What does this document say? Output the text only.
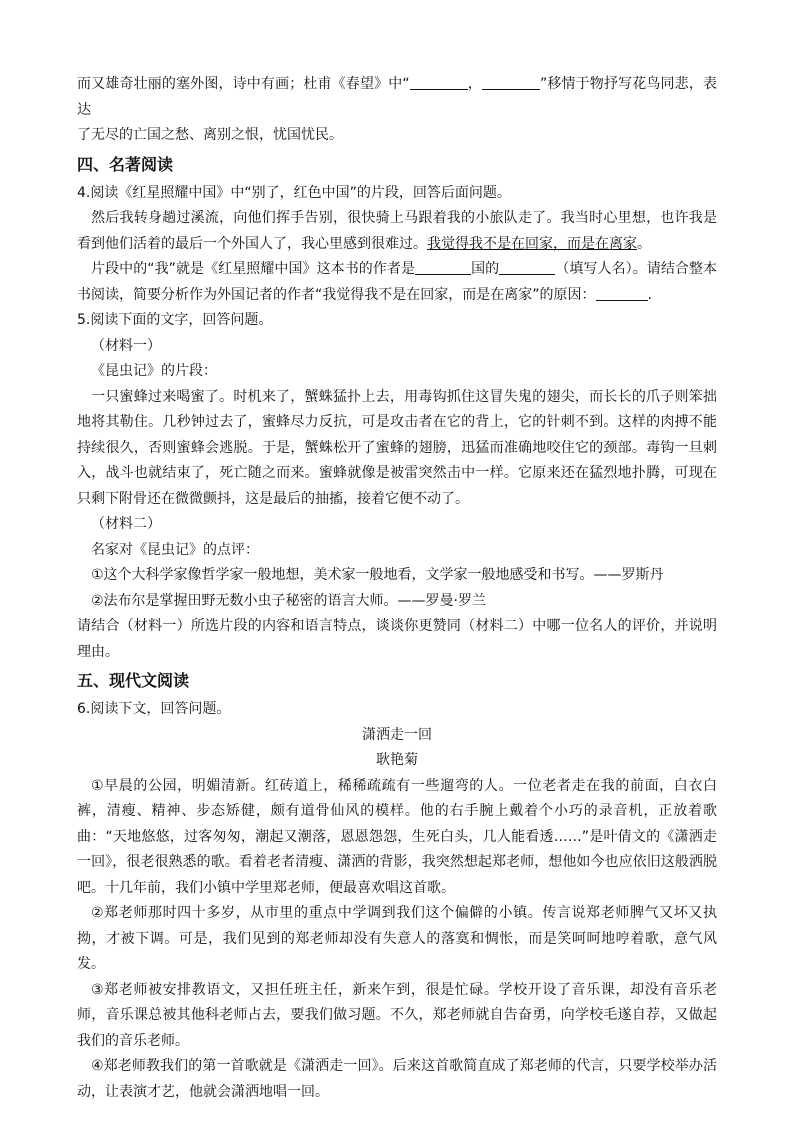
而又雄奇壮丽的塞外图，诗中有画；杜甫《春望》中“	，	”移情于物抒写花鸟同悲，表达

了无尽的亡国之愁、离别之恨，忧国忧民。

四、名著阅读

4.阅读《红星照耀中国》中“别了，红色中国”的片段，回答后面问题。

然后我转身趟过溪流，向他们挥手告别，很快骑上马跟着我的小旅队走了。我当时心里想，也许我是看到他们活着的最后一个外国人了，我心里感到很难过。我觉得我不是在回家，而是在离家。

片段中的“我”就是《红星照耀中国》这本书的作者是	国的	（填写人名）。请结合整本书阅读，简要分析作为外国记者的作者“我觉得我不是在回家，而是在离家”的原因：	.

5.阅读下面的文字，回答问题。

（材料一）

《昆虫记》的片段：

一只蜜蜂过来喝蜜了。时机来了，蟹蛛猛扑上去，用毒钩抓住这冒失鬼的翅尖，而长长的爪子则笨拙地将其勒住。几秒钟过去了，蜜蜂尽力反抗，可是攻击者在它的背上，它的针刺不到。这样的肉搏不能持续很久，否则蜜蜂会逃脱。于是，蟹蛛松开了蜜蜂的翅膀，迅猛而准确地咬住它的颈部。毒钩一旦刺入，战斗也就结束了，死亡随之而来。蜜蜂就像是被雷突然击中一样。它原来还在猛烈地扑腾，可现在只剩下附骨还在微微颤抖，这是最后的抽搐，接着它便不动了。

（材料二）

名家对《昆虫记》的点评：

①这个大科学家像哲学家一般地想，美术家一般地看，文学家一般地感受和书写。——罗斯丹

②法布尔是掌握田野无数小虫子秘密的语言大师。——罗曼·罗兰

请结合（材料一）所选片段的内容和语言特点，谈谈你更赞同（材料二）中哪一位名人的评价，并说明理由。

五、现代文阅读

6.阅读下文，回答问题。

潇洒走一回

耿艳菊

①早晨的公园，明媚清新。红砖道上，稀稀疏疏有一些遛弯的人。一位老者走在我的前面，白衣白裤，清瘦、精神、步态矫健，颇有道骨仙风的模样。他的右手腕上戴着个小巧的录音机，正放着歌曲：“天地悠悠，过客匆匆，潮起又潮落，恩恩怨怨，生死白头，几人能看透……”是叶倩文的《潇洒走一回》，很老很熟悉的歌。看着老者清瘦、潇洒的背影，我突然想起郑老师，想他如今也应依旧这般洒脱吧。十几年前，我们小镇中学里郑老师，便最喜欢唱这首歌。

②郑老师那时四十多岁，从市里的重点中学调到我们这个偏僻的小镇。传言说郑老师脾气又坏又执拗，才被下调。可是，我们见到的郑老师却没有失意人的落寞和惆怅，而是笑呵呵地哼着歌，意气风发。

③郑老师被安排教语文，又担任班主任，新来乍到，很是忙碌。学校开设了音乐课，却没有音乐老师，音乐课总被其他科老师占去，要我们做习题。不久，郑老师就自告奋勇，向学校毛遂自荐，又做起我们的音乐老师。

④郑老师教我们的第一首歌就是《潇洒走一回》。后来这首歌简直成了郑老师的代言，只要学校举办活动，让表演才艺，他就会潇洒地唱一回。
